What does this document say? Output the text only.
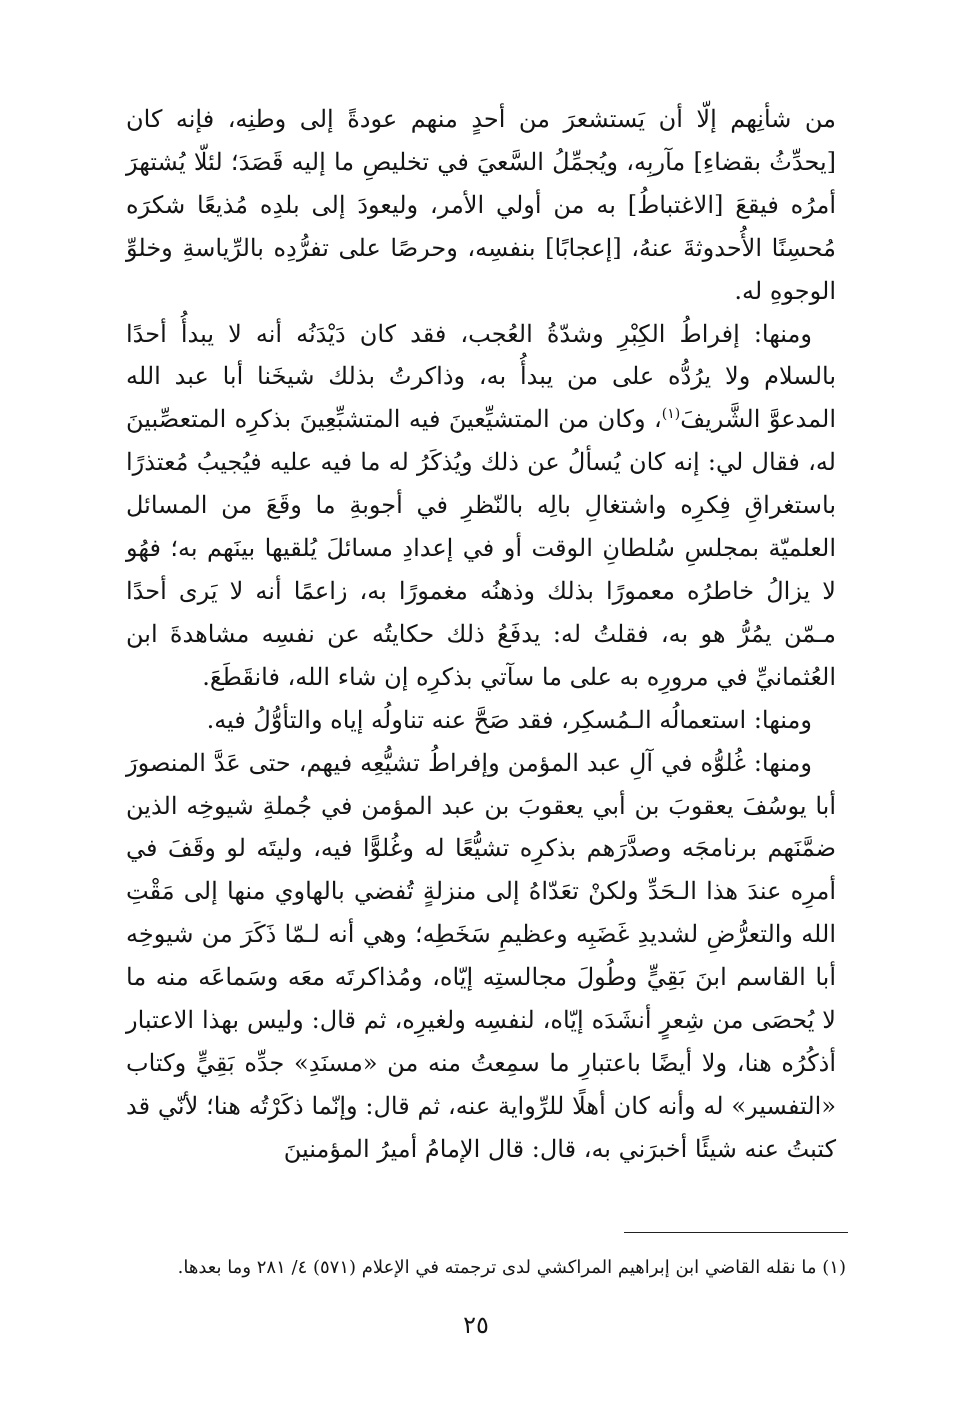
من شأنِهم إلّا أن يَستشعرَ من أحدٍ منهم عودةً إلى وطنِه، فإنه كان [يحدِّثُ بقضاءِ] مآربِه، ويُجمِّلُ السَّعيَ في تخليصِ ما إليه قَصَدَ؛ لئلّا يُشتهرَ أمرُه فيقعَ [الاغتباطُ] به من أولي الأمر، وليعودَ إلى بلدِه مُذيعًا شكرَه مُحسِنًا الأُحدوثةَ عنهُ، [إعجابًا] بنفسِه، وحرصًا على تفرُّدِه بالرِّياسةِ وخلوِّ الوجوهِ له.

ومنها: إفراطُ الكِبْرِ وشدّةُ العُجب، فقد كان دَيْدَنُه أنه لا يبدأُ أحدًا بالسلام ولا يرُدُّه على من يبدأُ به، وذاكرتُ بذلك شيخَنا أبا عبد الله المدعوَّ الشَّريفَ$^{(١)}$، وكان من المتشيِّعينَ فيه المتشبِّعِينَ بذكرِه المتعصِّبينَ له، فقال لي: إنه كان يُسألُ عن ذلك ويُذكَرُ له ما فيه عليه فيُجيبُ مُعتذرًا باستغراقِ فِكرِه واشتغالِ بالِه بالنّظرِ في أجوبةِ ما وقَعَ من المسائل العلميّة بمجلسِ سُلطانِ الوقت أو في إعدادِ مسائلَ يُلقيها بينَهم به؛ فهُو لا يزالُ خاطرُه معمورًا بذلك وذهنُه مغمورًا به، زاعمًا أنه لا يَرى أحدًا مـمّن يمُرُّ هو به، فقلتُ له: يدفَعُ ذلك حكايتُه عن نفسِه مشاهدةَ ابن العُثمانيِّ في مرورِه به على ما سآتي بذكرِه إن شاء الله، فانقَطَعَ.

ومنها: استعمالُه الـمُسكِر، فقد صَحَّ عنه تناولُه إياه والتأوُّلُ فيه.

ومنها: غُلوُّه في آلِ عبد المؤمن وإفراطُ تشيُّعِه فيهم، حتى عَدَّ المنصورَ أبا يوسُفَ يعقوبَ بن أبي يعقوبَ بن عبد المؤمن في جُملةِ شيوخِه الذين ضمَّنَهم برنامجَه وصدَّرَهم بذكرِه تشيُّعًا له وغُلوًّا فيه، وليتَه لو وقَفَ في أمرِه عندَ هذا الـحَدِّ ولكنْ تعَدّاهُ إلى منزلةٍ تُفضي بالهاوي منها إلى مَقْتِ الله والتعرُّضِ لشديدِ غَضَبِه وعظيمِ سَخَطِه؛ وهي أنه لـمّا ذَكَرَ من شيوخِه أبا القاسم ابنَ بَقِيٍّ وطُولَ مجالستِه إيّاه، ومُذاكرتَه معَه وسَماعَه منه ما لا يُحصَى من شِعرٍ أنشَدَه إيّاه، لنفسِه ولغيرِه، ثم قال: وليس بهذا الاعتبار أذكُرُه هنا، ولا أيضًا باعتبارِ ما سمِعتُ منه من «مسنَدِ» جدِّه بَقِيٍّ وكتاب «التفسير» له وأنه كان أهلًا للرِّواية عنه، ثم قال: وإنّما ذكَرْتُه هنا؛ لأنّي قد كتبتُ عنه شيئًا أخبرَني به، قال: قال الإمامُ أميرُ المؤمنينَ

(١) ما نقله القاضي ابن إبراهيم المراكشي لدى ترجمته في الإعلام (٥٧١) ٤/ ٢٨١ وما بعدها.
٢٥
